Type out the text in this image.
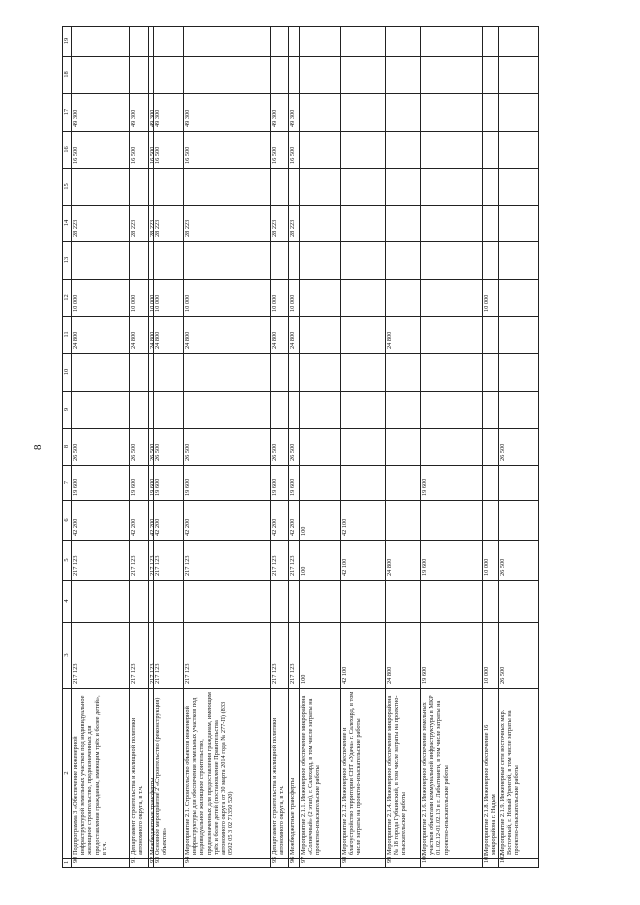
8
1
2
3
4
5
6
7
8
9
10
11
12
13
14
15
16
17
18
19
90
Подпрограмма 3 «Обеспечение инженерной инфраструктурой земельных участков под индивидуальное жилищное строительство, предназначенных для предоставления гражданам, имеющим трёх и более детей», в т.ч.
217 123
217 123
42 200
19 600
26 500
24 800
10 000
28 223
16 500
49 300
91
Департамент строительства и жилищной политики автономного округа, в т.ч.
217 123
217 123
42 200
19 600
26 500
24 800
10 000
28 223
16 500
49 300
92
Межбюджетные трансферты
217 123
217 123
42 200
19 600
26 500
24 800
10 000
28 223
16 500
49 300
93
Основное мероприятие 2 «Строительство (реконструкция) объектов»
217 123
217 123
42 200
19 600
26 500
24 800
10 000
28 223
16 500
49 300
94
Мероприятие 2.1. Строительство объектов инженерной инфраструктуры для обеспечения земельных участков под индивидуальное жилищное строительство, предназначенных для предоставления гражданам, имеющим трёх и более детей (постановление Правительства автономного округа от 30 марта 2014 года № 277-П) (833 0502 05 3 02 71350 520)
217 123
217 123
42 200
19 600
26 500
24 800
10 000
28 223
16 500
49 300
95
Департамент строительства и жилищной политики автономного округа, в т.ч.
217 123
217 123
42 200
19 600
26 500
24 800
10 000
28 223
16 500
49 300
96
Межбюджетные трансферты
217 123
217 123
42 200
19 600
26 500
24 800
10 000
28 223
16 500
49 300
97
Мероприятие 2.1.1. Инженерное обеспечение микрорайона «Солнечный» (2 этап), г. Салехард, в том числе затраты на проектно-изыскательские работы
100
100
100
98
Мероприятие 2.1.2. Инженерное обеспечение и благоустройство территории СНТ «Удача» г. Салехард, в том числе затраты на проектно-изыскательские работы
42 100
42 100
42 100
99
Мероприятие 2.1.4. Инженерное обеспечение микрорайона № 18 города Губкинский, в том числе затраты на проектно-изыскательские работы
24 800
24 800
24 800
100
Мероприятие 2.1.6. Инженерное обеспечение земельных участков объектами коммунальной инфраструктуры в МКР 01.02.12-01.02.13 в г. Лабытнанги, в том числе затраты на проектно-изыскательские работы
19 600
19 600
19 600
101
Мероприятие 2.1.8. Инженерное обеспечение 16 микрорайона г. Надым
10 000
10 000
10 000
102
Мероприятие 2.1.9. Инженерные сети восточных мкр. Восточный, г. Новый Уренгой, в том числе затраты на проектно-изыскательские работы
26 500
26 500
26 500
